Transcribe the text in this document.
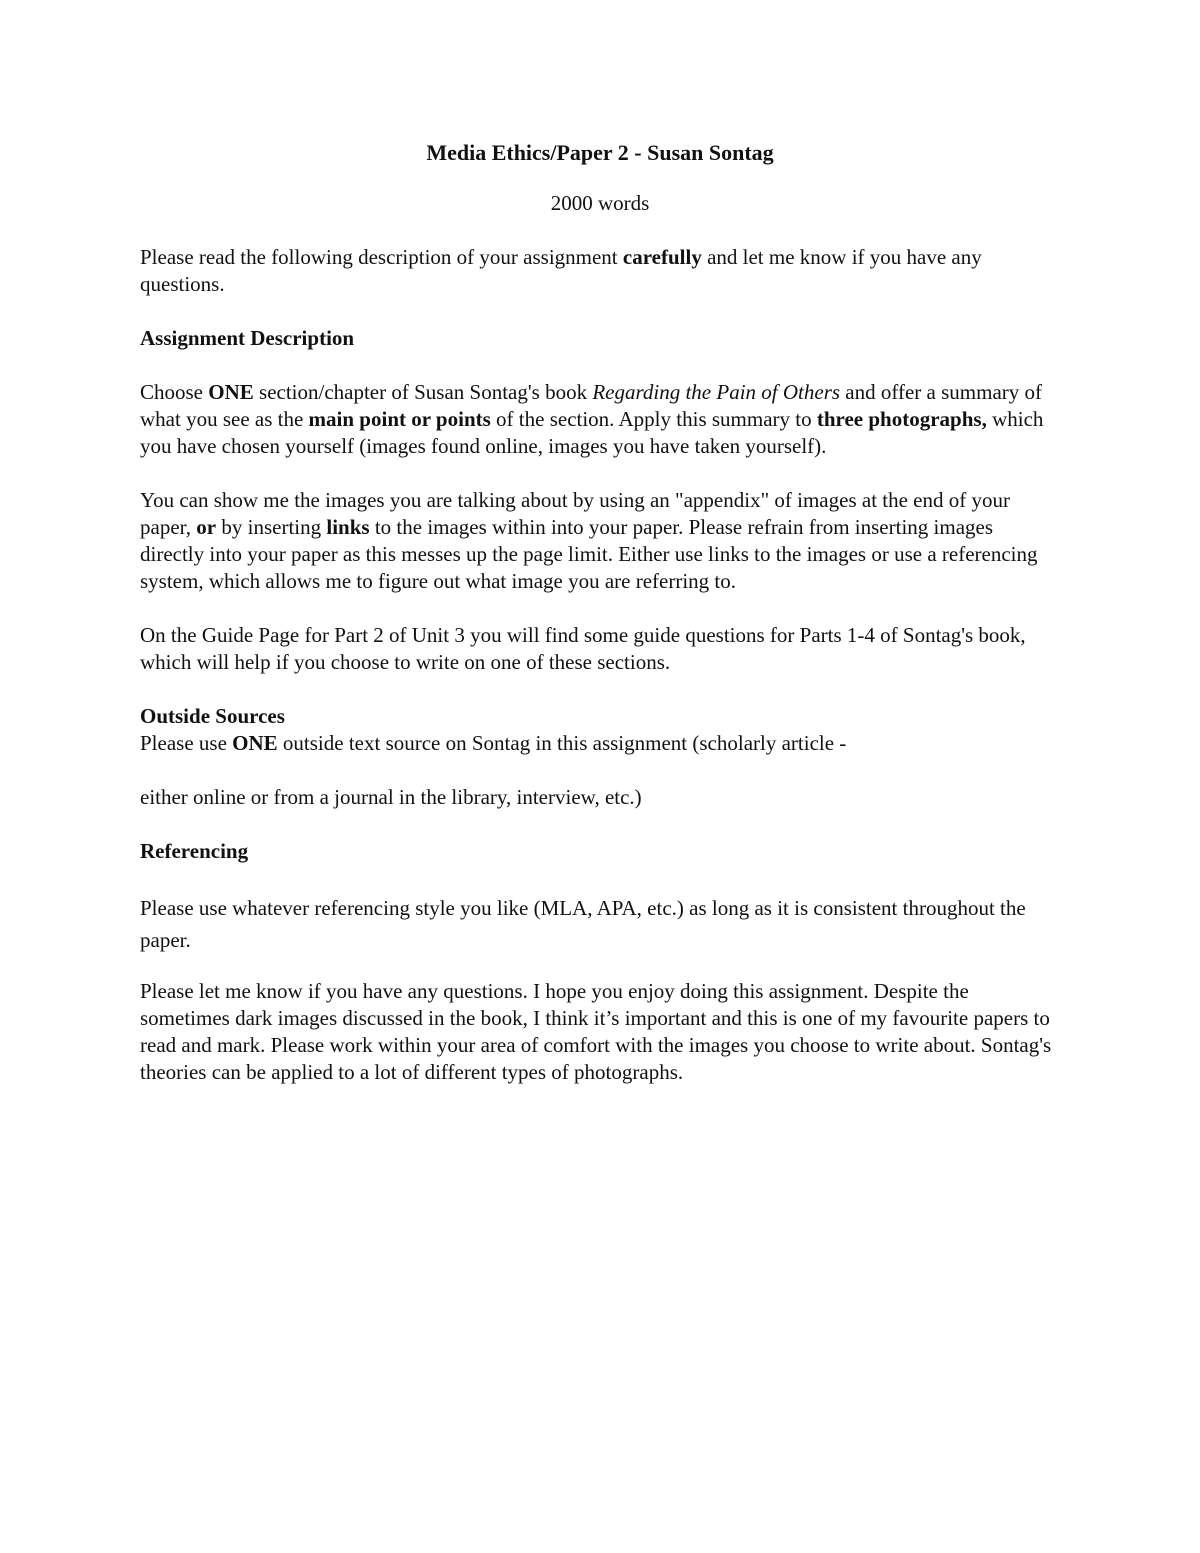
Media Ethics/Paper 2 - Susan Sontag

2000 words

Please read the following description of your assignment carefully and let me know if you have any questions.

Assignment Description

Choose ONE section/chapter of Susan Sontag's book Regarding the Pain of Others and offer a summary of what you see as the main point or points of the section. Apply this summary to three photographs, which you have chosen yourself (images found online, images you have taken yourself).

You can show me the images you are talking about by using an "appendix" of images at the end of your paper, or by inserting links to the images within into your paper. Please refrain from inserting images directly into your paper as this messes up the page limit. Either use links to the images or use a referencing system, which allows me to figure out what image you are referring to.

On the Guide Page for Part 2 of Unit 3 you will find some guide questions for Parts 1-4 of Sontag's book, which will help if you choose to write on one of these sections.

Outside Sources

Please use ONE outside text source on Sontag in this assignment (scholarly article -

either online or from a journal in the library, interview, etc.)

Referencing

Please use whatever referencing style you like (MLA, APA, etc.) as long as it is consistent throughout the paper.

Please let me know if you have any questions. I hope you enjoy doing this assignment. Despite the sometimes dark images discussed in the book, I think it’s important and this is one of my favourite papers to read and mark. Please work within your area of comfort with the images you choose to write about. Sontag's theories can be applied to a lot of different types of photographs.
